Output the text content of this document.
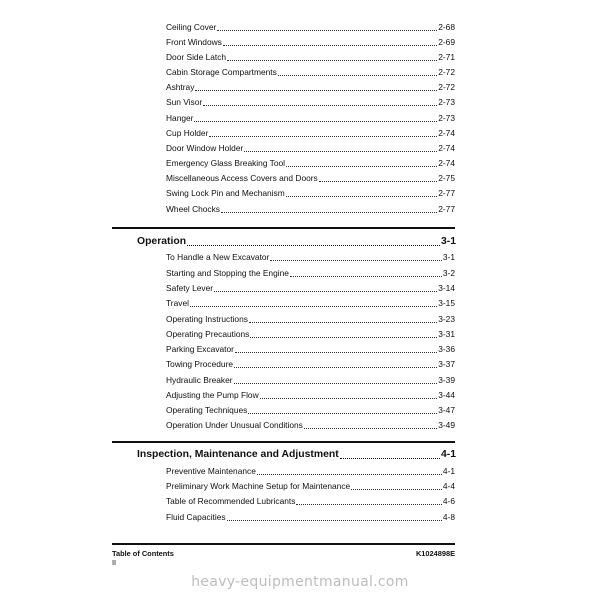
Ceiling Cover	2-68
Front Windows	2-69
Door Side Latch	2-71
Cabin Storage Compartments	2-72
Ashtray	2-72
Sun Visor	2-73
Hanger	2-73
Cup Holder	2-74
Door Window Holder	2-74
Emergency Glass Breaking Tool	2-74
Miscellaneous Access Covers and Doors	2-75
Swing Lock Pin and Mechanism	2-77
Wheel Chocks	2-77
Operation	3-1
To Handle a New Excavator	3-1
Starting and Stopping the Engine	3-2
Safety Lever	3-14
Travel	3-15
Operating Instructions	3-23
Operating Precautions	3-31
Parking Excavator	3-36
Towing Procedure	3-37
Hydraulic Breaker	3-39
Adjusting the Pump Flow	3-44
Operating Techniques	3-47
Operation Under Unusual Conditions	3-49
Inspection, Maintenance and Adjustment	4-1
Preventive Maintenance	4-1
Preliminary Work Machine Setup for Maintenance	4-4
Table of Recommended Lubricants	4-6
Fluid Capacities	4-8
Table of Contents
II
K1024898E
heavy-equipmentmanual.com
